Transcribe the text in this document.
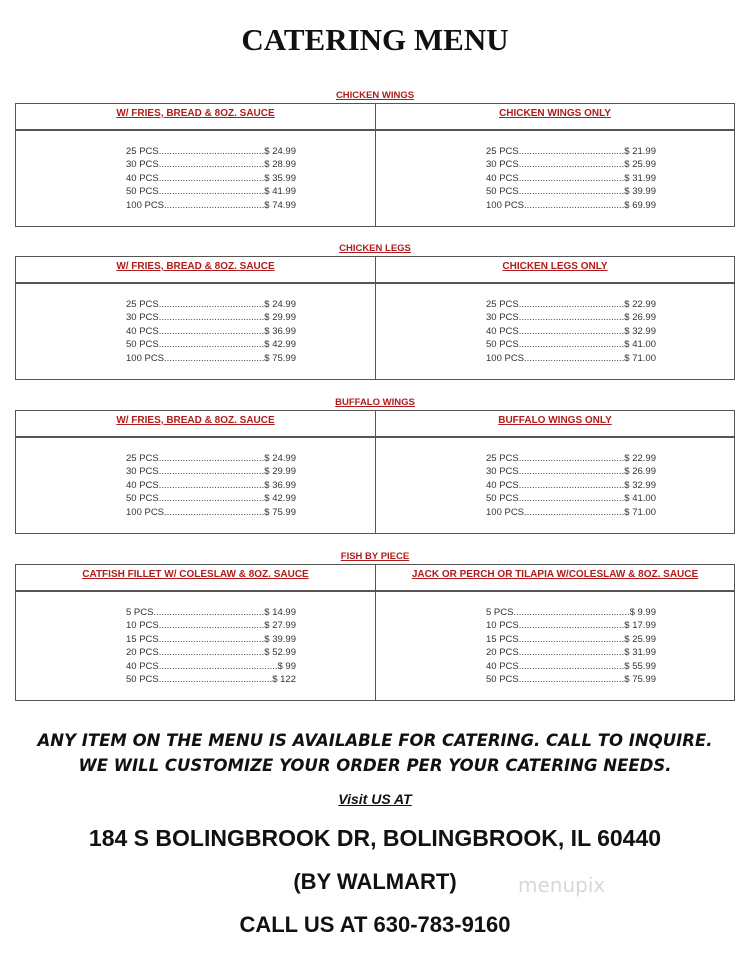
CATERING MENU
CHICKEN WINGS
W/ FRIES, BREAD & 8OZ. SAUCE
25 PCS .....	$ 24.99
30 PCS .....	$ 28.99
40 PCS .....	$ 35.99
50 PCS .....	$ 41.99
100 PCS .....	$ 74.99
CHICKEN WINGS ONLY
25 PCS .....	$ 21.99
30 PCS .....	$ 25.99
40 PCS .....	$ 31.99
50 PCS .....	$ 39.99
100 PCS .....	$ 69.99
CHICKEN LEGS
W/ FRIES, BREAD & 8OZ. SAUCE
25 PCS .....	$ 24.99
30 PCS .....	$ 29.99
40 PCS .....	$ 36.99
50 PCS .....	$ 42.99
100 PCS .....	$ 75.99
CHICKEN LEGS ONLY
25 PCS .....	$ 22.99
30 PCS .....	$ 26.99
40 PCS .....	$ 32.99
50 PCS .....	$ 41.00
100 PCS .....	$ 71.00
BUFFALO WINGS
W/ FRIES, BREAD & 8OZ. SAUCE
25 PCS .....	$ 24.99
30 PCS .....	$ 29.99
40 PCS .....	$ 36.99
50 PCS .....	$ 42.99
100 PCS .....	$ 75.99
BUFFALO WINGS ONLY
25 PCS .....	$ 22.99
30 PCS .....	$ 26.99
40 PCS .....	$ 32.99
50 PCS .....	$ 41.00
100 PCS .....	$ 71.00
FISH BY PIECE
CATFISH FILLET W/ COLESLAW & 8OZ. SAUCE
5 PCS .....	$ 14.99
10 PCS .....	$ 27.99
15 PCS .....	$ 39.99
20 PCS .....	$ 52.99
40 PCS .....	$ 99
50 PCS .....	$ 122
JACK OR PERCH OR TILAPIA W/COLESLAW & 8OZ. SAUCE
5 PCS .....	$ 9.99
10 PCS .....	$ 17.99
15 PCS .....	$ 25.99
20 PCS .....	$ 31.99
40 PCS .....	$ 55.99
50 PCS .....	$ 75.99
ANY ITEM ON THE MENU IS AVAILABLE FOR CATERING. CALL TO INQUIRE.
WE WILL CUSTOMIZE YOUR ORDER PER YOUR CATERING NEEDS.
Visit US AT
184 S BOLINGBROOK DR, BOLINGBROOK, IL 60440
(BY WALMART)
CALL US AT 630-783-9160
menupix
